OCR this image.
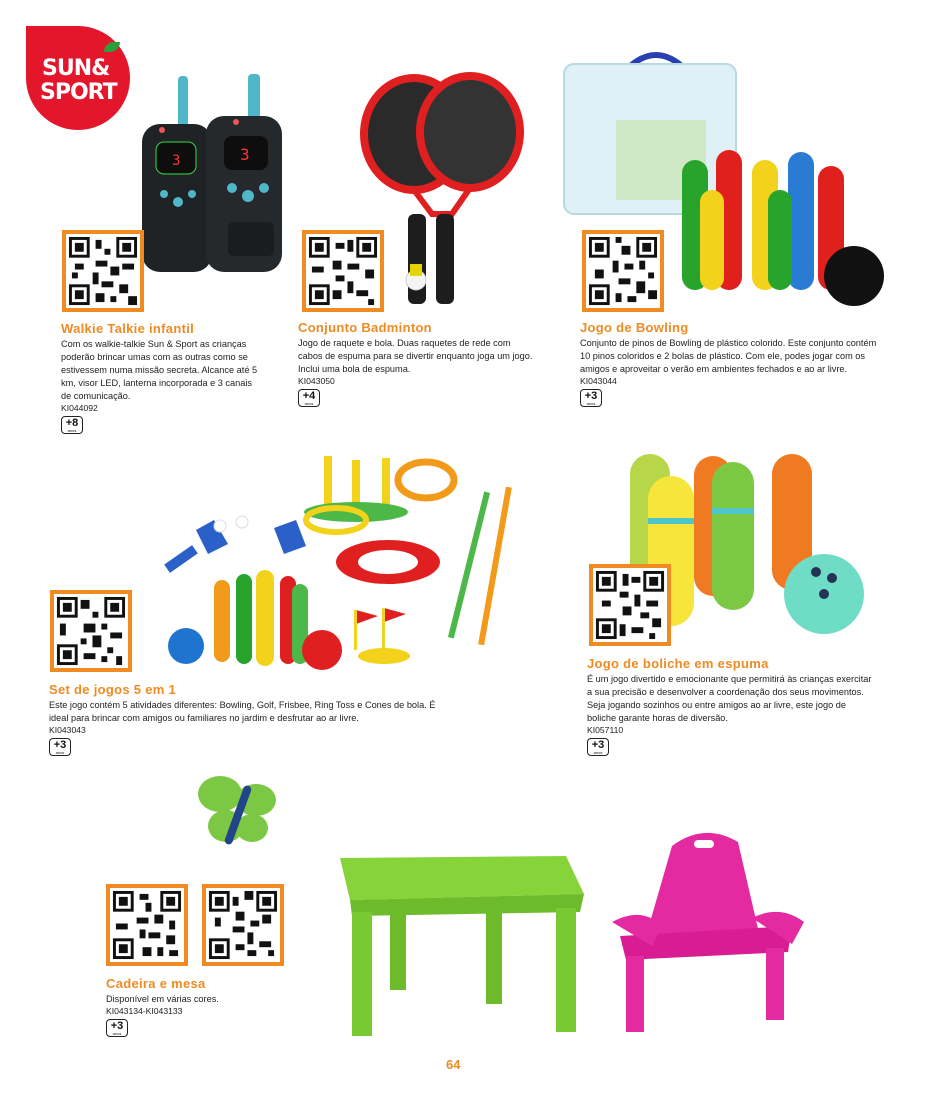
SUN&
SPORT
3	3
Walkie Talkie infantil
Com os walkie-talkie Sun & Sport as crianças poderão brincar umas com as outras como se estivessem numa missão secreta. Alcance até 5 km, visor LED, lanterna incorporada e 3 canais de comunicação.
KI044092
+8
anos
Conjunto Badminton
Jogo de raquete e bola. Duas raquetes de rede com cabos de espuma para se divertir enquanto joga um jogo. Inclui uma bola de espuma.
KI043050
+4
anos
Jogo de Bowling
Conjunto de pinos de Bowling de plástico colorido. Este conjunto contém 10 pinos coloridos e 2 bolas de plástico. Com ele, podes jogar com os amigos e aproveitar o verão em ambientes fechados e ao ar livre.
KI043044
+3
anos
Set de jogos 5 em 1
Este jogo contém 5 atividades diferentes: Bowling, Golf, Frisbee, Ring Toss e Cones de bola. É ideal para brincar com amigos ou familiares no jardim e desfrutar ao ar livre.
KI043043
+3
anos
Jogo de boliche em espuma
É um jogo divertido e emocionante que permitirá às crianças exercitar a sua precisão e desenvolver a coordenação dos seus movimentos. Seja jogando sozinhos ou entre amigos ao ar livre, este jogo de boliche garante horas de diversão.
KI057110
+3
anos
Cadeira e mesa
Disponível em várias cores.
KI043134-KI043133
+3
anos
64
